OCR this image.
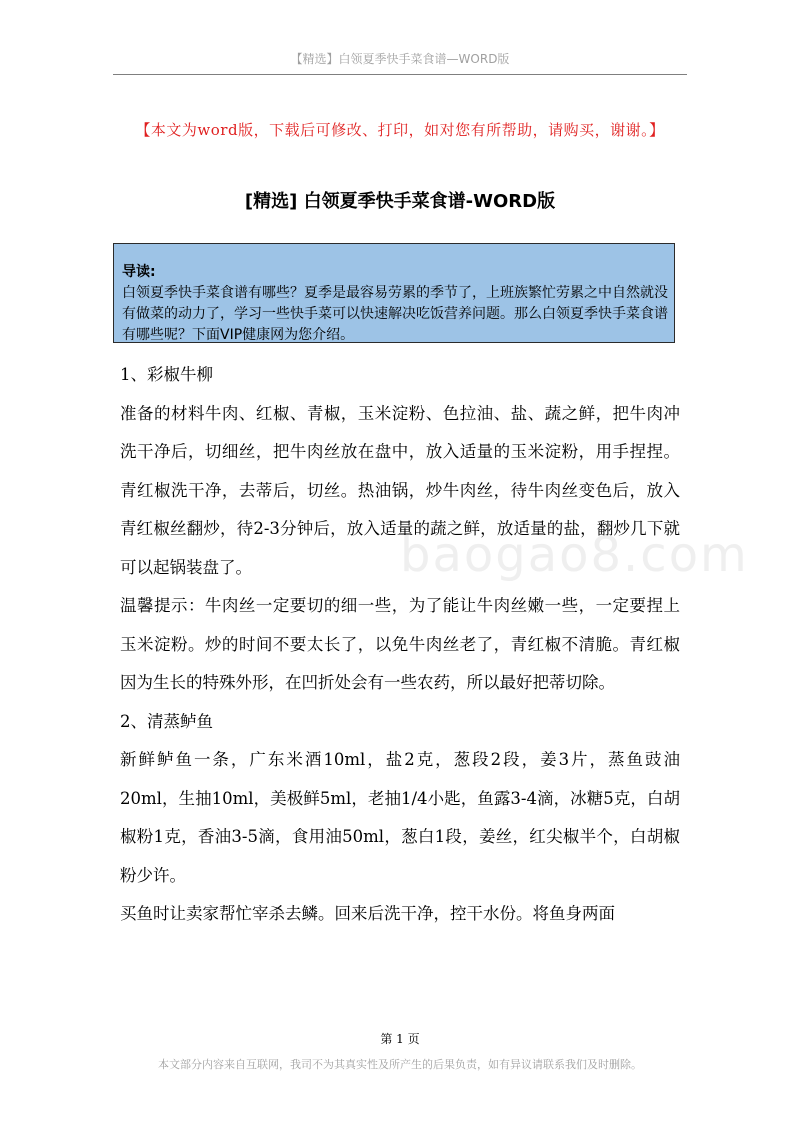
【精选】白领夏季快手菜食谱—WORD版
【本文为word版，下载后可修改、打印，如对您有所帮助，请购买，谢谢。】
[精选] 白领夏季快手菜食谱-WORD版
导读:
白领夏季快手菜食谱有哪些？夏季是最容易劳累的季节了，上班族繁忙劳累之中自然就没有做菜的动力了，学习一些快手菜可以快速解决吃饭营养问题。那么白领夏季快手菜食谱有哪些呢？下面VIP健康网为您介绍。
baogao8.com

1、彩椒牛柳

准备的材料牛肉、红椒、青椒，玉米淀粉、色拉油、盐、蔬之鲜，把牛肉冲洗干净后，切细丝，把牛肉丝放在盘中，放入适量的玉米淀粉，用手捏捏。青红椒洗干净，去蒂后，切丝。热油锅，炒牛肉丝，待牛肉丝变色后，放入青红椒丝翻炒，待2-3分钟后，放入适量的蔬之鲜，放适量的盐，翻炒几下就可以起锅装盘了。

温馨提示：牛肉丝一定要切的细一些，为了能让牛肉丝嫩一些，一定要捏上玉米淀粉。炒的时间不要太长了，以免牛肉丝老了，青红椒不清脆。青红椒因为生长的特殊外形，在凹折处会有一些农药，所以最好把蒂切除。

2、清蒸鲈鱼

新鲜鲈鱼一条，广东米酒10ml，盐2克，葱段2段，姜3片，蒸鱼豉油20ml，生抽10ml，美极鲜5ml，老抽1/4小匙，鱼露3-4滴，冰糖5克，白胡椒粉1克，香油3-5滴，食用油50ml，葱白1段，姜丝，红尖椒半个，白胡椒粉少许。

买鱼时让卖家帮忙宰杀去鳞。回来后洗干净，控干水份。将鱼身两面

第 1 页
本文部分内容来自互联网，我司不为其真实性及所产生的后果负责，如有异议请联系我们及时删除。
